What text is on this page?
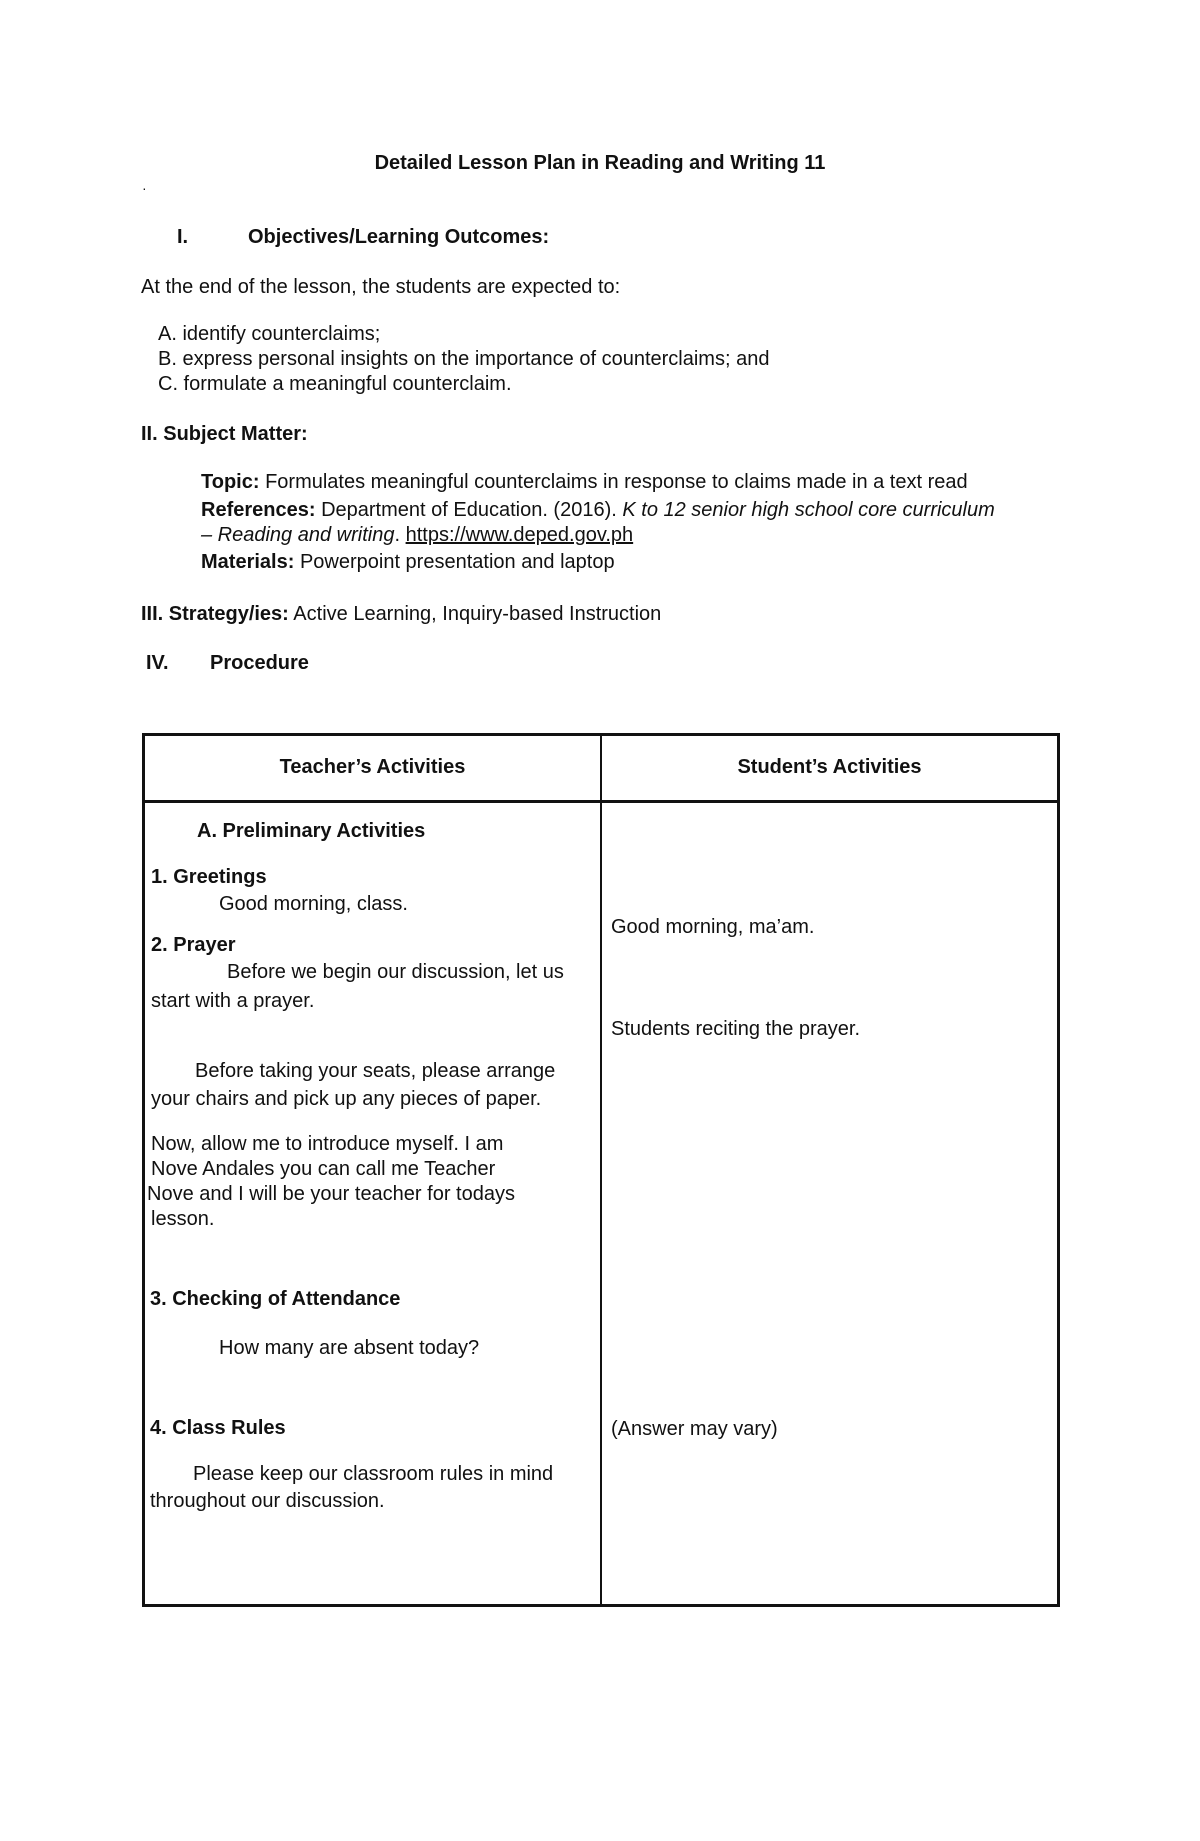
Detailed Lesson Plan in Reading and Writing 11
·
I.	Objectives/Learning Outcomes:
At the end of the lesson, the students are expected to:
A. identify counterclaims;
B. express personal insights on the importance of counterclaims; and
C. formulate a meaningful counterclaim.
II. Subject Matter:
Topic: Formulates meaningful counterclaims in response to claims made in a text read
References: Department of Education. (2016). K to 12 senior high school core curriculum
– Reading and writing. https://www.deped.gov.ph
Materials: Powerpoint presentation and laptop
III. Strategy/ies: Active Learning, Inquiry-based Instruction
IV. Procedure
Teacher’s Activities	Student’s Activities
A. Preliminary Activities
1. Greetings
Good morning, class.
2. Prayer
Before we begin our discussion, let us
start with a prayer.
Before taking your seats, please arrange
your chairs and pick up any pieces of paper.
Now, allow me to introduce myself. I am
Nove Andales you can call me Teacher
Nove and I will be your teacher for todays
lesson.
3. Checking of Attendance
How many are absent today?
4. Class Rules
Please keep our classroom rules in mind
throughout our discussion.
Good morning, ma’am.
Students reciting the prayer.
(Answer may vary)
